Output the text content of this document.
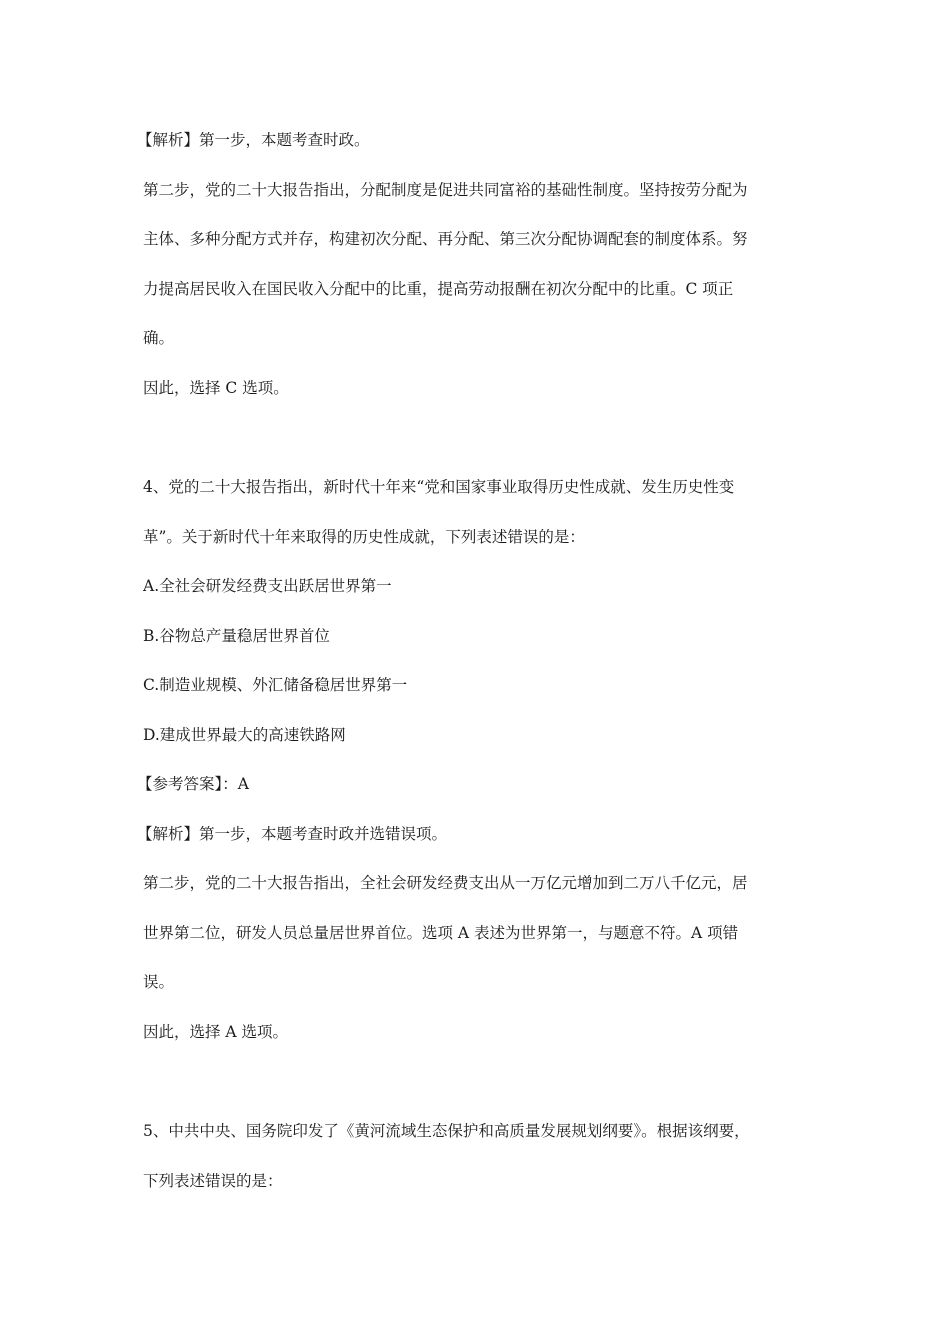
【解析】第一步，本题考查时政。
第二步，党的二十大报告指出，分配制度是促进共同富裕的基础性制度。坚持按劳分配为
主体、多种分配方式并存，构建初次分配、再分配、第三次分配协调配套的制度体系。努
力提高居民收入在国民收入分配中的比重，提高劳动报酬在初次分配中的比重。C 项正
确。
因此，选择 C 选项。
4、党的二十大报告指出，新时代十年来“党和国家事业取得历史性成就、发生历史性变
革”。关于新时代十年来取得的历史性成就，下列表述错误的是：
A.全社会研发经费支出跃居世界第一
B.谷物总产量稳居世界首位
C.制造业规模、外汇储备稳居世界第一
D.建成世界最大的高速铁路网
【参考答案】：A
【解析】第一步，本题考查时政并选错误项。
第二步，党的二十大报告指出，全社会研发经费支出从一万亿元增加到二万八千亿元，居
世界第二位，研发人员总量居世界首位。选项 A 表述为世界第一，与题意不符。A 项错
误。
因此，选择 A 选项。
5、中共中央、国务院印发了《黄河流域生态保护和高质量发展规划纲要》。根据该纲要，
下列表述错误的是：
